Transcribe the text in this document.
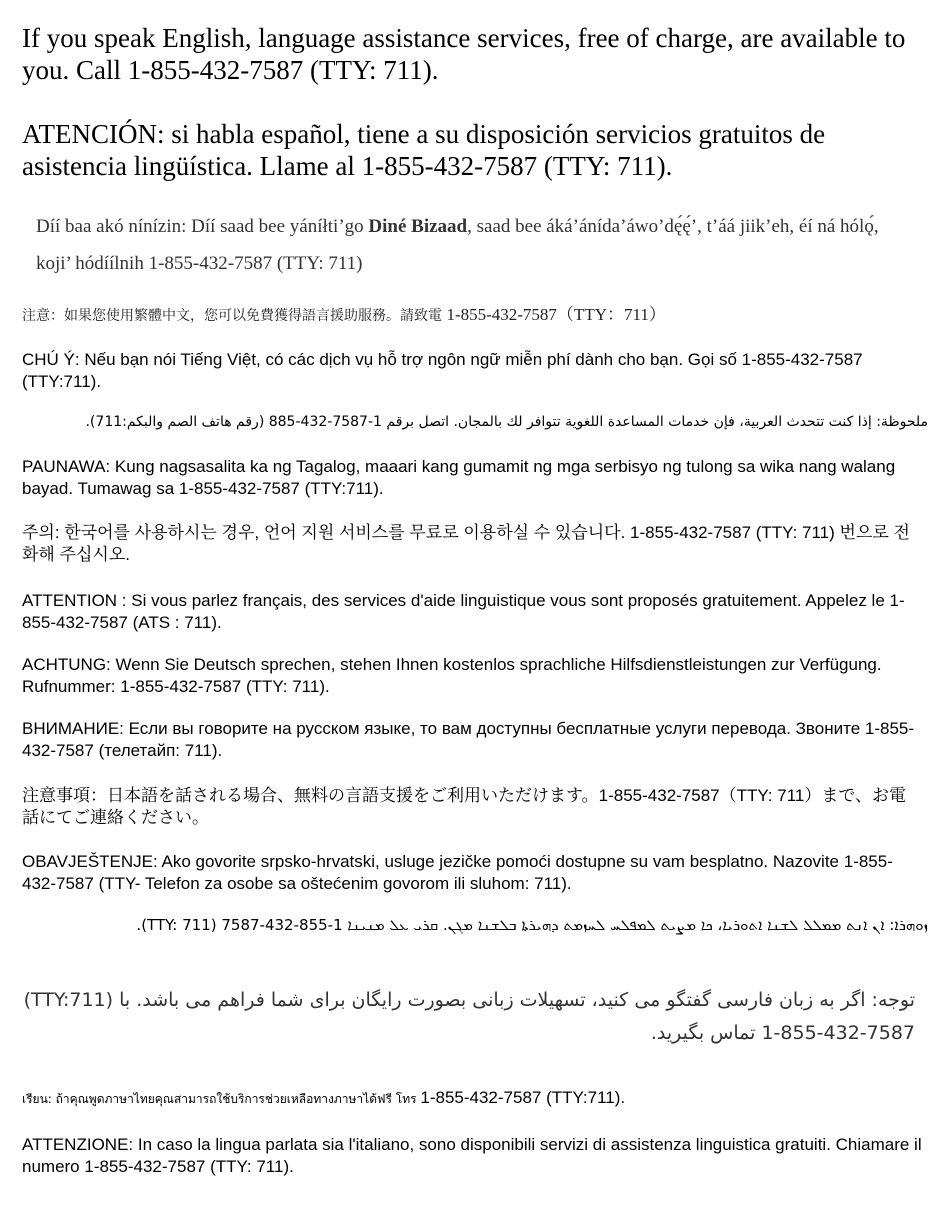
If you speak English, language assistance services, free of charge, are available to you. Call 1-855-432-7587 (TTY: 711).

ATENCIÓN: si habla español, tiene a su disposición servicios gratuitos de asistencia lingüística. Llame al 1-855-432-7587 (TTY: 711).

Díí baa akó nínízin: Díí saad bee yáníłti’go Diné Bizaad, saad bee áká’ánída’áwo’dę́ę́’, t’áá jiik’eh, éí ná hólǫ́, koji’ hódíílnih 1-855-432-7587 (TTY: 711)

注意：如果您使用繁體中文，您可以免費獲得語言援助服務。請致電 1-855-432-7587（TTY：711）

CHÚ Ý: Nếu bạn nói Tiếng Việt, có các dịch vụ hỗ trợ ngôn ngữ miễn phí dành cho bạn. Gọi số 1-855-432-7587 (TTY:711).

ملحوظة: إذا كنت تتحدث العربية، فإن خدمات المساعدة اللغوية تتوافر لك بالمجان. اتصل برقم 1-7587-432-885 (رقم هاتف الصم والبكم:711).

PAUNAWA: Kung nagsasalita ka ng Tagalog, maaari kang gumamit ng mga serbisyo ng tulong sa wika nang walang bayad. Tumawag sa 1-855-432-7587 (TTY:711).

주의: 한국어를 사용하시는 경우, 언어 지원 서비스를 무료로 이용하실 수 있습니다. 1-855-432-7587 (TTY: 711) 번으로 전화해 주십시오.

ATTENTION : Si vous parlez français, des services d'aide linguistique vous sont proposés gratuitement. Appelez le 1-855-432-7587 (ATS : 711).

ACHTUNG: Wenn Sie Deutsch sprechen, stehen Ihnen kostenlos sprachliche Hilfsdienstleistungen zur Verfügung. Rufnummer: 1-855-432-7587 (TTY: 711).

ВНИМАНИЕ: Если вы говорите на русском языке, то вам доступны бесплатные услуги перевода. Звоните 1-855-432-7587 (телетайп: 711).

注意事項：日本語を話される場合、無料の言語支援をご利用いただけます。1-855-432-7587（TTY: 711）まで、お電話にてご連絡ください。

OBAVJEŠTENJE: Ako govorite srpsko-hrvatski, usluge jezičke pomoći dostupne su vam besplatno. Nazovite 1-855-432-7587 (TTY- Telefon za osobe sa oštećenim govorom ili sluhom: 711).

ܙܘܗܪܐ: ܐܢ ܐܢܬ ܡܡܠܠ ܠܫܢܐ ܐܬܘܪܝܐ، ܟܐ ܡܨܝܬ ܠܡܦܠܚ ܠܚܙܡܬ ܕܗܝܪܬܐ ܒܠܫܢܐ ܡܓܢ. ܩܪܝ ܥܠ ܡܢܝܢܐ 1-855-432-7587 (TTY: 711).

توجه: اگر به زبان فارسی گفتگو می کنید، تسهیلات زبانی بصورت رایگان برای شما فراهم می باشد. با (TTY:711) 1-855-432-7587 تماس بگیرید.

เรียน: ถ้าคุณพูดภาษาไทยคุณสามารถใช้บริการช่วยเหลือทางภาษาได้ฟรี โทร 1-855-432-7587 (TTY:711).

ATTENZIONE: In caso la lingua parlata sia l'italiano, sono disponibili servizi di assistenza linguistica gratuiti. Chiamare il numero 1-855-432-7587 (TTY: 711).
